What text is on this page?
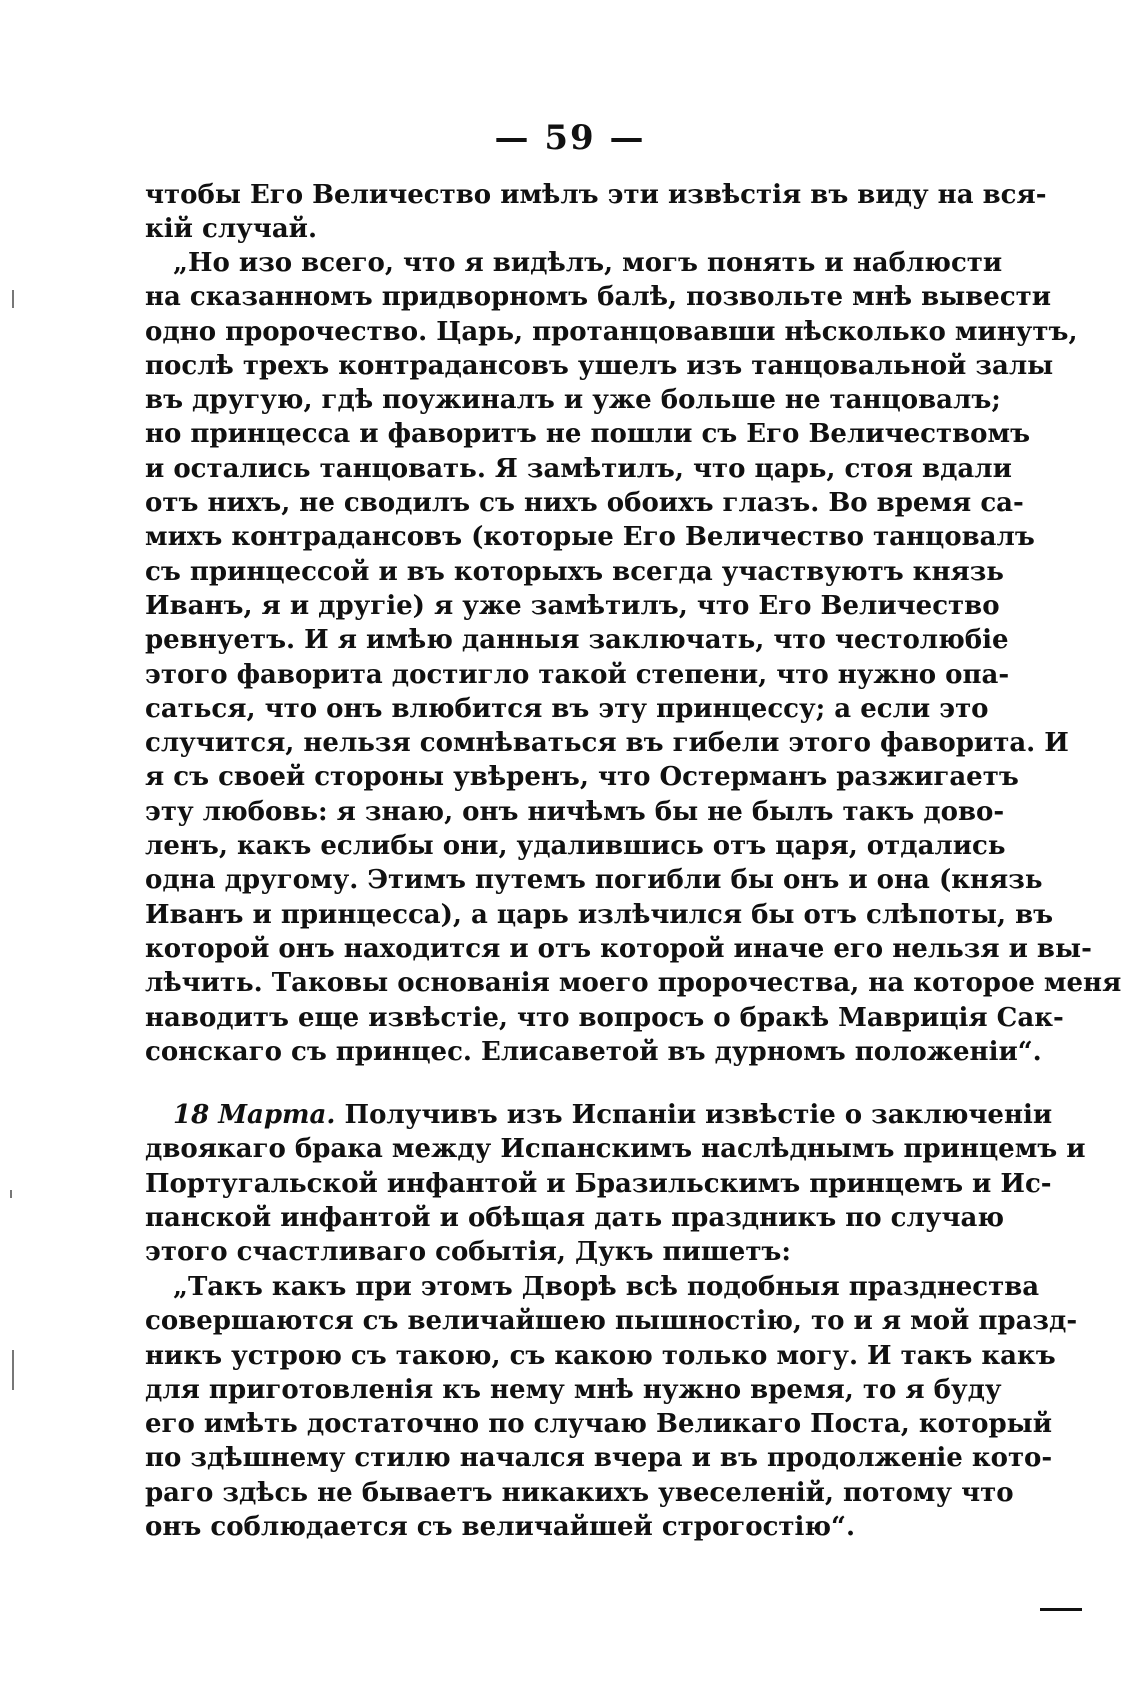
— 59 —
чтобы Его Величество имѣлъ эти извѣстія въ виду на вся-
кій случай.
„Но изо всего, что я видѣлъ, могъ понять и наблюсти
на сказанномъ придворномъ балѣ, позвольте мнѣ вывести
одно пророчество. Царь, протанцовавши нѣсколько минутъ,
послѣ трехъ контрадансовъ ушелъ изъ танцовальной залы
въ другую, гдѣ поужиналъ и уже больше не танцовалъ;
но принцесса и фаворитъ не пошли съ Его Величествомъ
и остались танцовать. Я замѣтилъ, что царь, стоя вдали
отъ нихъ, не сводилъ съ нихъ обоихъ глазъ. Во время са-
михъ контрадансовъ (которые Его Величество танцовалъ
съ принцессой и въ которыхъ всегда участвуютъ князь
Иванъ, я и другіе) я уже замѣтилъ, что Его Величество
ревнуетъ. И я имѣю данныя заключать, что честолюбіе
этого фаворита достигло такой степени, что нужно опа-
саться, что онъ влюбится въ эту принцессу; а если это
случится, нельзя сомнѣваться въ гибели этого фаворита. И
я съ своей стороны увѣренъ, что Остерманъ разжигаетъ
эту любовь: я знаю, онъ ничѣмъ бы не былъ такъ дово-
ленъ, какъ еслибы они, удалившись отъ царя, отдались
одна другому. Этимъ путемъ погибли бы онъ и она (князь
Иванъ и принцесса), а царь излѣчился бы отъ слѣпоты, въ
которой онъ находится и отъ которой иначе его нельзя и вы-
лѣчить. Таковы основанія моего пророчества, на которое меня
наводитъ еще извѣстіе, что вопросъ о бракѣ Мавриція Сак-
сонскаго съ принцес. Елисаветой въ дурномъ положеніи“.
18 Марта. Получивъ изъ Испаніи извѣстіе о заключеніи
двоякаго брака между Испанскимъ наслѣднымъ принцемъ и
Португальской инфантой и Бразильскимъ принцемъ и Ис-
панской инфантой и обѣщая дать праздникъ по случаю
этого счастливаго событія, Дукъ пишетъ:
„Такъ какъ при этомъ Дворѣ всѣ подобныя празднества
совершаются съ величайшею пышностію, то и я мой празд-
никъ устрою съ такою, съ какою только могу. И такъ какъ
для приготовленія къ нему мнѣ нужно время, то я буду
его имѣть достаточно по случаю Великаго Поста, который
по здѣшнему стилю начался вчера и въ продолженіе кото-
раго здѣсь не бываетъ никакихъ увеселеній, потому что
онъ соблюдается съ величайшей строгостію“.
